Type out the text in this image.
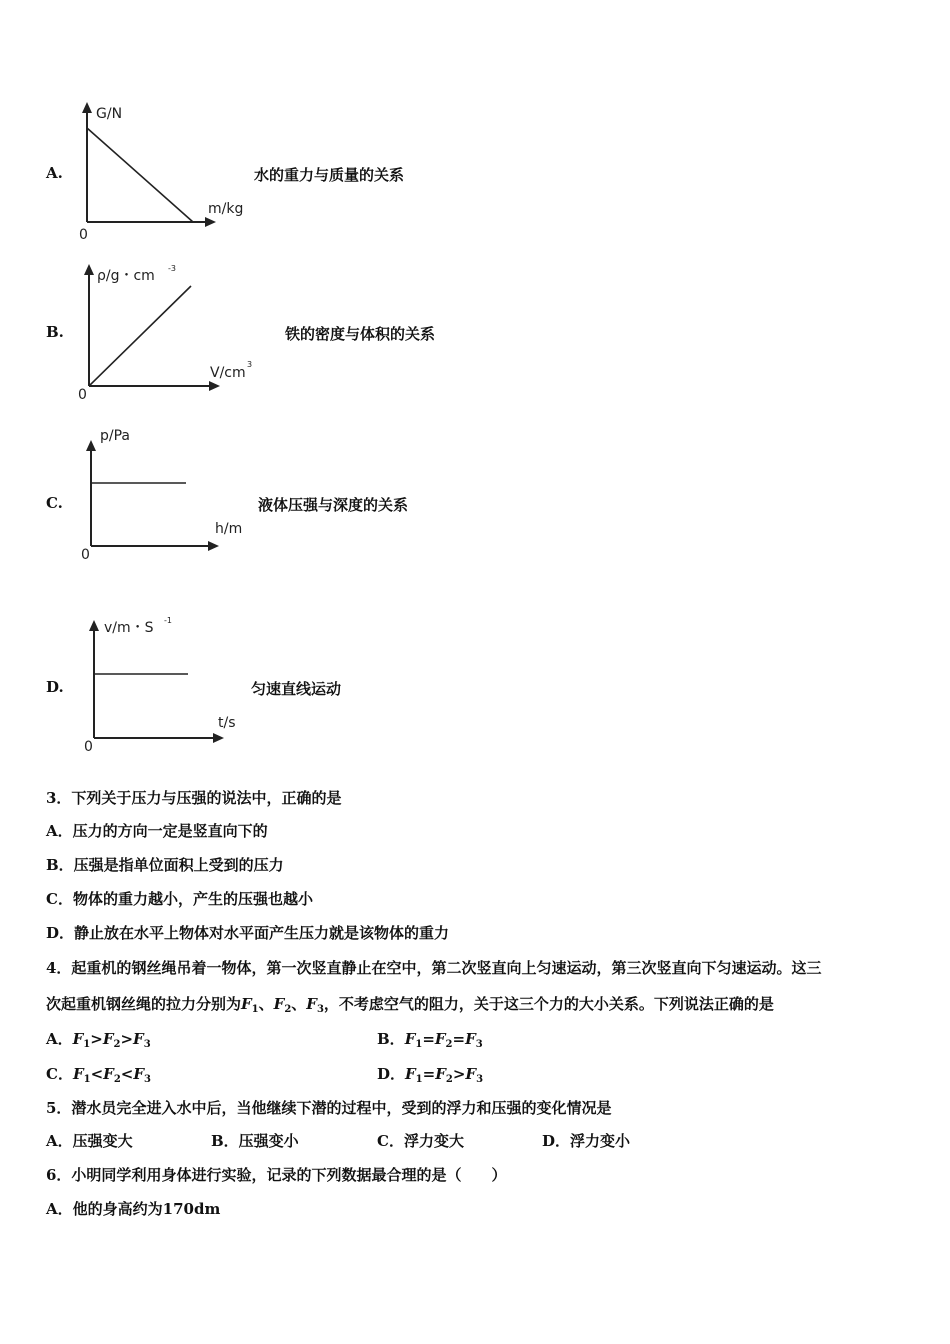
A.
G/N
m/kg
0
水的重力与质量的关系
B.
ρ/g・cm -3
V/cm
3
0
铁的密度与体积的关系
C.
p/Pa
h/m
0
液体压强与深度的关系
D.
v/m・S -1
t/s
0
匀速直线运动
3．下列关于压力与压强的说法中，正确的是
A．压力的方向一定是竖直向下的
B．压强是指单位面积上受到的压力
C．物体的重力越小，产生的压强也越小
D．静止放在水平上物体对水平面产生压力就是该物体的重力
4．起重机的钢丝绳吊着一物体，第一次竖直静止在空中，第二次竖直向上匀速运动，第三次竖直向下匀速运动。这三
次起重机钢丝绳的拉力分别为$F_1$、$F_2$、$F_3$，不考虑空气的阻力，关于这三个力的大小关系。下列说法正确的是
A．$F_1>F_2>F_3$	B．$F_1=F_2=F_3$
C．$F_1<F_2<F_3$	D．$F_1=F_2>F_3$
5．潜水员完全进入水中后，当他继续下潜的过程中，受到的浮力和压强的变化情况是
A．压强变大	B．压强变小	C．浮力变大	D．浮力变小
6．小明同学利用身体进行实验，记录的下列数据最合理的是（　　）
A．他的身高约为170dm
